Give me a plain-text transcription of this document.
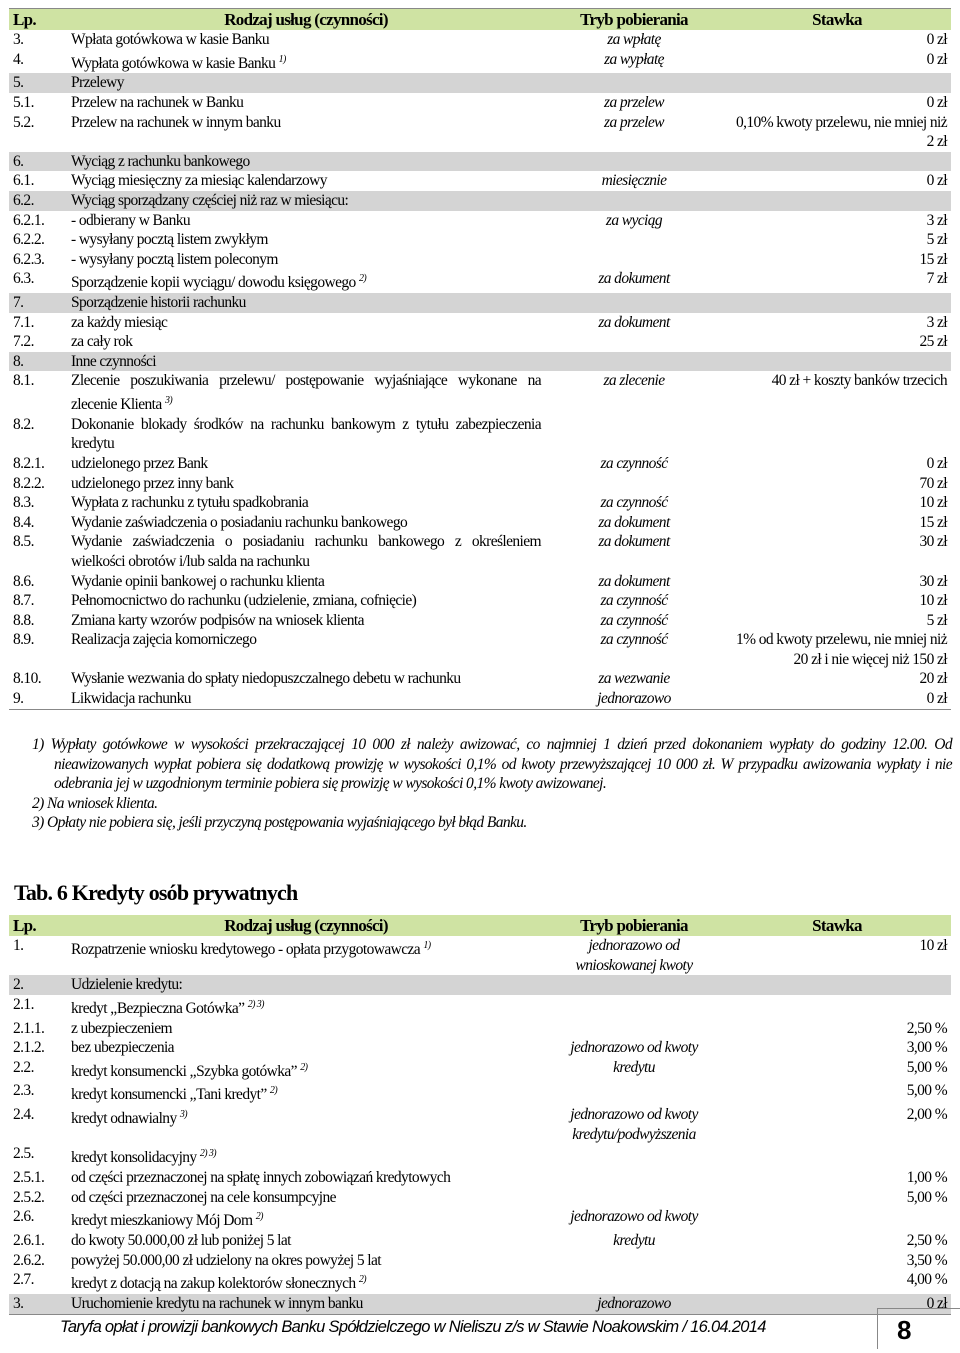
Lp.	Rodzaj usług (czynności)	Tryb pobierania	Stawka
3.	Wpłata gotówkowa w kasie Banku	za wpłatę	0 zł
4.	Wypłata gotówkowa w kasie Banku $^{1)}$	za wypłatę	0 zł
5.	Przelewy		
5.1.	Przelew na rachunek w Banku	za przelew	0 zł
5.2.	Przelew na rachunek w innym banku	za przelew	0,10% kwoty przelewu, nie mniej niż 2 zł
6.	Wyciąg z rachunku bankowego		
6.1.	Wyciąg miesięczny za miesiąc kalendarzowy	miesięcznie	0 zł
6.2.	Wyciąg sporządzany częściej niż raz w miesiącu:		
6.2.1.	- odbierany w Banku	za wyciąg	3 zł
6.2.2.	- wysyłany pocztą listem zwykłym		5 zł
6.2.3.	- wysyłany pocztą listem poleconym		15 zł
6.3.	Sporządzenie kopii wyciągu/ dowodu księgowego $^{2)}$	za dokument	7 zł
7.	Sporządzenie historii rachunku		
7.1.	za każdy miesiąc	za dokument	3 zł
7.2.	za cały rok		25 zł
8.	Inne czynności		
8.1.	Zlecenie poszukiwania przelewu/ postępowanie wyjaśniające wykonane na zlecenie Klienta $^{3)}$	za zlecenie	40 zł + koszty banków trzecich
8.2.	Dokonanie blokady środków na rachunku bankowym z tytułu zabezpieczenia kredytu		
8.2.1.	udzielonego przez Bank	za czynność	0 zł
8.2.2.	udzielonego przez inny bank		70 zł
8.3.	Wypłata z rachunku z tytułu spadkobrania	za czynność	10 zł
8.4.	Wydanie zaświadczenia o posiadaniu rachunku bankowego	za dokument	15 zł
8.5.	Wydanie zaświadczenia o posiadaniu rachunku bankowego z określeniem wielkości obrotów i/lub salda na rachunku	za dokument	30 zł
8.6.	Wydanie opinii bankowej o rachunku klienta	za dokument	30 zł
8.7.	Pełnomocnictwo do rachunku (udzielenie, zmiana, cofnięcie)	za czynność	10 zł
8.8.	Zmiana karty wzorów podpisów na wniosek klienta	za czynność	5 zł
8.9.	Realizacja zajęcia komorniczego	za czynność	1% od kwoty przelewu, nie mniej niż 20 zł i nie więcej niż 150 zł
8.10.	Wysłanie wezwania do spłaty niedopuszczalnego debetu w rachunku	za wezwanie	20 zł
9.	Likwidacja rachunku	jednorazowo	0 zł

1) Wypłaty gotówkowe w wysokości przekraczającej 10 000 zł należy awizować, co najmniej 1 dzień przed dokonaniem wypłaty do godziny 12.00. Od nieawizowanych wypłat pobiera się dodatkową prowizję w wysokości 0,1% od kwoty przewyższającej 10 000 zł. W przypadku awizowania wypłaty i nie odebrania jej w uzgodnionym terminie pobiera się prowizję w wysokości 0,1% kwoty awizowanej.

2) Na wniosek klienta.

3) Opłaty nie pobiera się, jeśli przyczyną postępowania wyjaśniającego był błąd Banku.

Tab. 6 Kredyty osób prywatnych
Lp.	Rodzaj usług (czynności)	Tryb pobierania	Stawka
1.	Rozpatrzenie wniosku kredytowego - opłata przygotowawcza $^{1)}$	jednorazowo od wnioskowanej kwoty	10 zł
2.	Udzielenie kredytu:		
2.1.	kredyt ,,Bezpieczna Gotówka” $^{2) 3)}$		
2.1.1.	z ubezpieczeniem		2,50 %
2.1.2.	bez ubezpieczenia	jednorazowo od kwoty	3,00 %
2.2.	kredyt konsumencki ,,Szybka gotówka” $^{2)}$	kredytu	5,00 %
2.3.	kredyt konsumencki ,,Tani kredyt” $^{2)}$		5,00 %
2.4.	kredyt odnawialny $^{3)}$	jednorazowo od kwoty kredytu/podwyższenia	2,00 %
2.5.	kredyt konsolidacyjny $^{2) 3)}$		
2.5.1.	od części przeznaczonej na spłatę innych zobowiązań kredytowych		1,00 %
2.5.2.	od części przeznaczonej na cele konsumpcyjne		5,00 %
2.6.	kredyt mieszkaniowy Mój Dom $^{2)}$	jednorazowo od kwoty	
2.6.1.	do kwoty 50.000,00 zł lub poniżej 5 lat	kredytu	2,50 %
2.6.2.	powyżej 50.000,00 zł udzielony na okres powyżej 5 lat		3,50 %
2.7.	kredyt z dotacją na zakup kolektorów słonecznych $^{2)}$		4,00 %
3.	Uruchomienie kredytu na rachunek w innym banku	jednorazowo	0 zł
Taryfa opłat i prowizji bankowych Banku Spółdzielczego w Nieliszu z/s w Stawie Noakowskim / 16.04.2014	8
